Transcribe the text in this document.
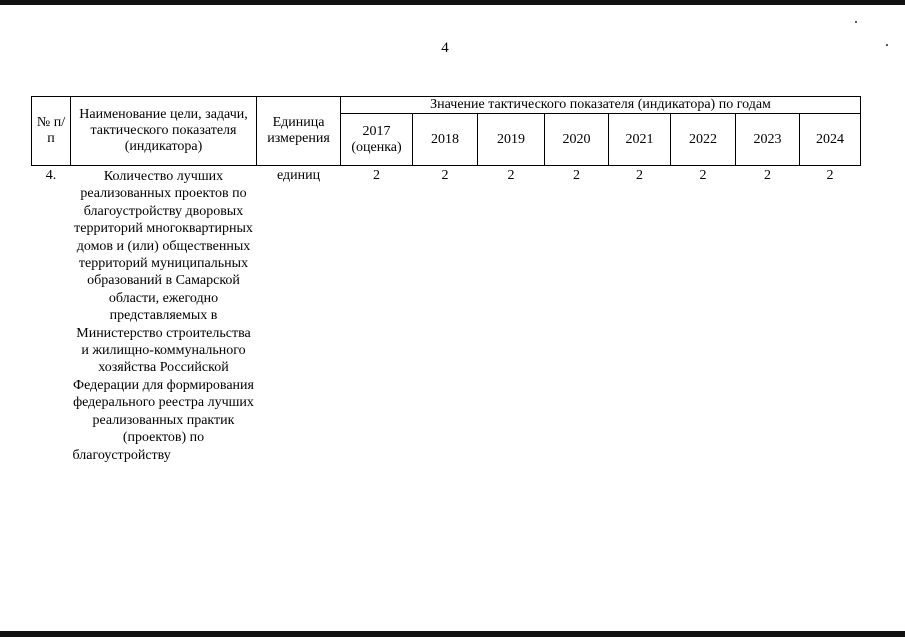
4
№ п/п	Наименование цели, задачи, тактического показателя (индикатора)	Единица измерения	Значение тактического показателя (индикатора) по годам							
			2017 (оценка)	2018	2019	2020	2021	2022	2023	2024
4.	Количество лучших реализованных проектов по благоустройству дворовых территорий многоквартирных домов и (или) общественных территорий муниципальных образований в Самарской области, ежегодно представляемых в Министерство строительства и жилищно-коммунального хозяйства Российской Федерации для формирования федерального реестра лучших реализованных практик (проектов) по благоустройству	единиц	2	2	2	2	2	2	2	2
